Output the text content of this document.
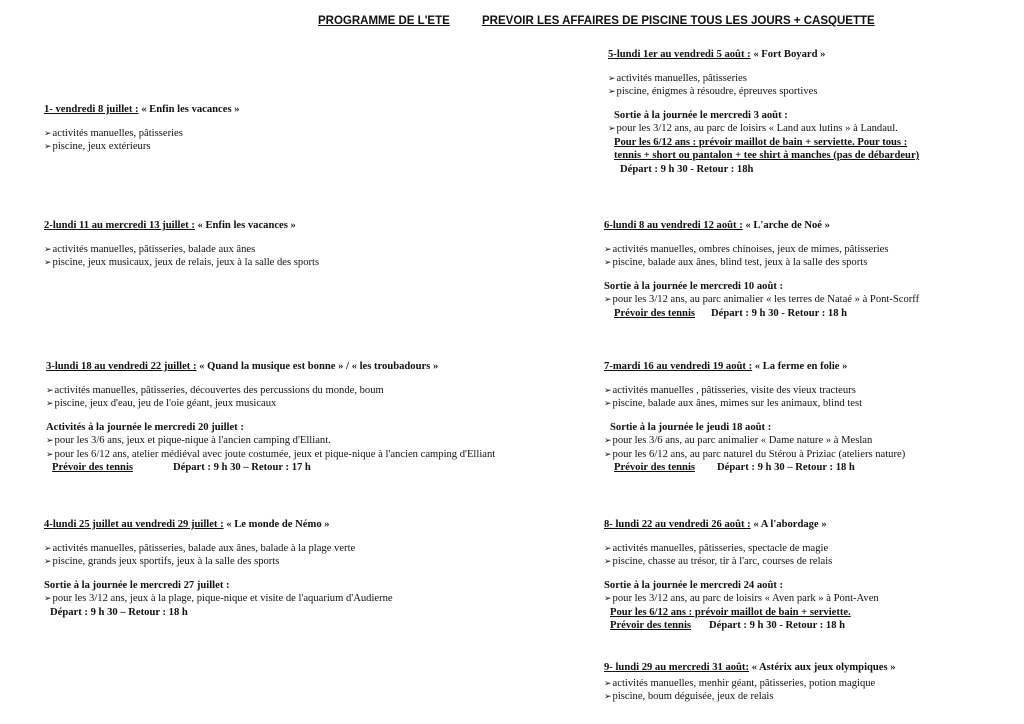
PROGRAMME DE L'ETE	PREVOIR LES AFFAIRES DE PISCINE TOUS LES JOURS + CASQUETTE
1- vendredi 8 juillet : « Enfin les vacances »
➢ activités manuelles, pâtisseries
➢ piscine, jeux extérieurs
2-lundi 11 au mercredi 13 juillet : « Enfin les vacances »
➢ activités manuelles, pâtisseries, balade aux ânes
➢ piscine, jeux musicaux, jeux de relais, jeux à la salle des sports
3-lundi 18 au vendredi 22 juillet : « Quand la musique est bonne » / « les troubadours »
➢ activités manuelles, pâtisseries, découvertes des percussions du monde, boum
➢ piscine, jeux d'eau, jeu de l'oie géant, jeux musicaux
Activités à la journée le mercredi 20 juillet :
➢ pour les 3/6 ans, jeux et pique-nique à l'ancien camping d'Elliant.
➢ pour les 6/12 ans, atelier médiéval avec joute costumée, jeux et pique-nique à l'ancien camping d'Elliant
Prévoir des tennis	Départ : 9 h 30 – Retour : 17 h
4-lundi 25 juillet au vendredi 29 juillet : « Le monde de Némo »
➢ activités manuelles, pâtisseries, balade aux ânes, balade à la plage verte
➢ piscine, grands jeux sportifs, jeux à la salle des sports
Sortie à la journée le mercredi 27 juillet :
➢ pour les 3/12 ans, jeux à la plage, pique-nique et visite de l'aquarium d'Audierne
Départ : 9 h 30 – Retour : 18 h
5-lundi 1er au vendredi 5 août : « Fort Boyard »
➢ activités manuelles, pâtisseries
➢ piscine, énigmes à résoudre, épreuves sportives
Sortie à la journée le mercredi 3 août :
➢ pour les 3/12 ans, au parc de loisirs « Land aux lutins » à Landaul.
Pour les 6/12 ans : prévoir maillot de bain + serviette. Pour tous :
tennis + short ou pantalon + tee shirt à manches (pas de débardeur)
Départ : 9 h 30 - Retour : 18h
6-lundi 8 au vendredi 12 août : « L'arche de Noé »
➢ activités manuelles, ombres chinoises, jeux de mimes, pâtisseries
➢ piscine, balade aux ânes, blind test, jeux à la salle des sports
Sortie à la journée le mercredi 10 août :
➢ pour les 3/12 ans, au parc animalier « les terres de Nataé » à Pont-Scorff
Prévoir des tennis Départ : 9 h 30 - Retour : 18 h
7-mardi 16 au vendredi 19 août : « La ferme en folie »
➢ activités manuelles , pâtisseries, visite des vieux tracteurs
➢ piscine, balade aux ânes, mimes sur les animaux, blind test
Sortie à la journée le jeudi 18 août :
➢ pour les 3/6 ans, au parc animalier « Dame nature » à Meslan
➢ pour les 6/12 ans, au parc naturel du Stérou à Priziac (ateliers nature)
Prévoir des tennis Départ : 9 h 30 – Retour : 18 h
8- lundi 22 au vendredi 26 août : « A l'abordage »
➢ activités manuelles, pâtisseries, spectacle de magie
➢ piscine, chasse au trésor, tir à l'arc, courses de relais
Sortie à la journée le mercredi 24 août :
➢ pour les 3/12 ans, au parc de loisirs « Aven park » à Pont-Aven
Pour les 6/12 ans : prévoir maillot de bain + serviette.
Prévoir des tennis Départ : 9 h 30 - Retour : 18 h
9- lundi 29 au mercredi 31 août: « Astérix aux jeux olympiques »
➢ activités manuelles, menhir géant, pâtisseries, potion magique
➢ piscine, boum déguisée, jeux de relais
